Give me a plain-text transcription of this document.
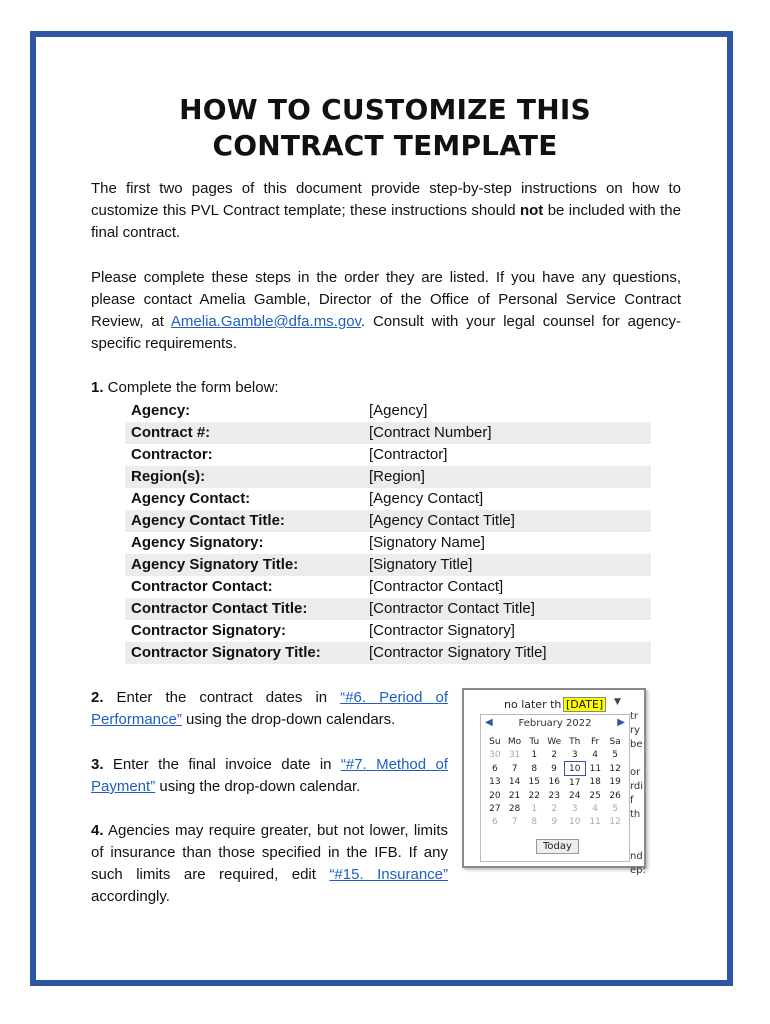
HOW TO CUSTOMIZE THIS
CONTRACT TEMPLATE
The first two pages of this document provide step-by-step instructions on how to customize this PVL Contract template; these instructions should not be included with the final contract.
Please complete these steps in the order they are listed. If you have any questions, please contact Amelia Gamble, Director of the Office of Personal Service Contract Review, at Amelia.Gamble@dfa.ms.gov. Consult with your legal counsel for agency-specific requirements.
1. Complete the form below:
Agency:	[Agency]
Contract #:	[Contract Number]
Contractor:	[Contractor]
Region(s):	[Region]
Agency Contact:	[Agency Contact]
Agency Contact Title:	[Agency Contact Title]
Agency Signatory:	[Signatory Name]
Agency Signatory Title:	[Signatory Title]
Contractor Contact:	[Contractor Contact]
Contractor Contact Title:	[Contractor Contact Title]
Contractor Signatory:	[Contractor Signatory]
Contractor Signatory Title:	[Contractor Signatory Title]
2. Enter the contract dates in “#6. Period of Performance” using the drop-down calendars.
3. Enter the final invoice date in “#7. Method of Payment” using the drop-down calendar.
4. Agencies may require greater, but not lower, limits of insurance than those specified in the IFB. If any such limits are required, edit “#15. Insurance” accordingly.
no later th [DATE]	▼
tr
ry
be

or
rdi
f th

nd
ep:
◀	February 2022	▶
Su	Mo	Tu	We	Th	Fr	Sa
30	31	1	2	3	4	5
6	7	8	9	10	11	12
13	14	15	16	17	18	19
20	21	22	23	24	25	26
27	28	1	2	3	4	5
6	7	8	9	10	11	12
Today
